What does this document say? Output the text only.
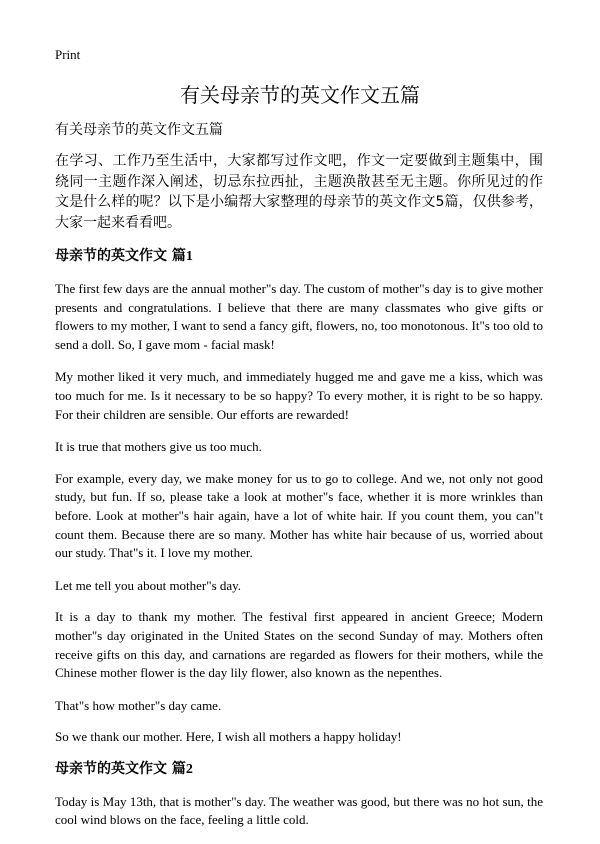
Print
有关母亲节的英文作文五篇

有关母亲节的英文作文五篇

在学习、工作乃至生活中，大家都写过作文吧，作文一定要做到主题集中，围绕同一主题作深入阐述，切忌东拉西扯，主题涣散甚至无主题。你所见过的作文是什么样的呢？以下是小编帮大家整理的母亲节的英文作文5篇，仅供参考，大家一起来看看吧。

母亲节的英文作文 篇1

The first few days are the annual mother"s day. The custom of mother"s day is to give mother presents and congratulations. I believe that there are many classmates who give gifts or flowers to my mother, I want to send a fancy gift, flowers, no, too monotonous. It"s too old to send a doll. So, I gave mom - facial mask!

My mother liked it very much, and immediately hugged me and gave me a kiss, which was too much for me. Is it necessary to be so happy? To every mother, it is right to be so happy. For their children are sensible. Our efforts are rewarded!

It is true that mothers give us too much.

For example, every day, we make money for us to go to college. And we, not only not good study, but fun. If so, please take a look at mother"s face, whether it is more wrinkles than before. Look at mother"s hair again, have a lot of white hair. If you count them, you can"t count them. Because there are so many. Mother has white hair because of us, worried about our study. That"s it. I love my mother.

Let me tell you about mother"s day.

It is a day to thank my mother. The festival first appeared in ancient Greece; Modern mother"s day originated in the United States on the second Sunday of may. Mothers often receive gifts on this day, and carnations are regarded as flowers for their mothers, while the Chinese mother flower is the day lily flower, also known as the nepenthes.

That"s how mother"s day came.

So we thank our mother. Here, I wish all mothers a happy holiday!

母亲节的英文作文 篇2

Today is May 13th, that is mother"s day. The weather was good, but there was no hot sun, the cool wind blows on the face, feeling a little cold.
